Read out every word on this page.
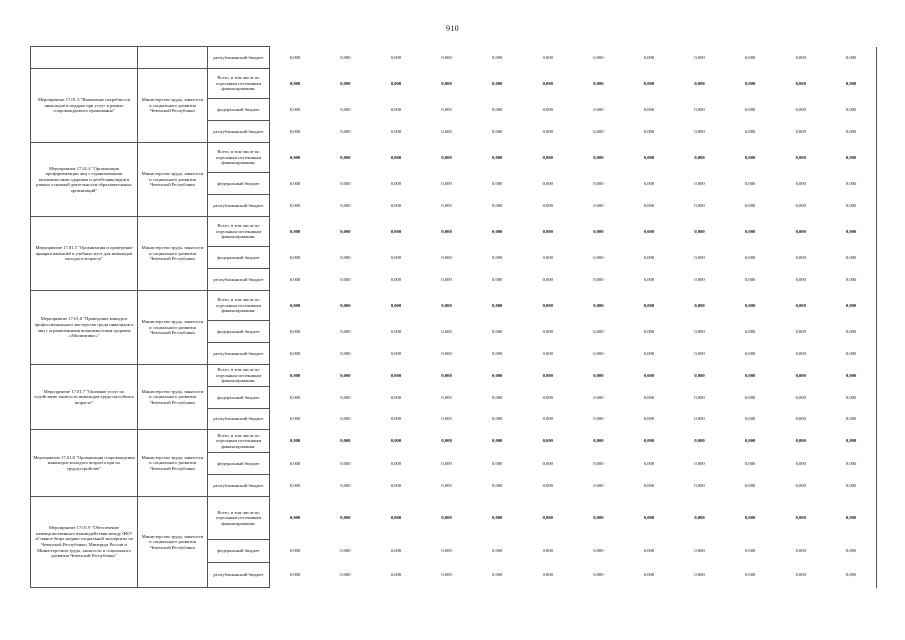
910
		республиканский бюджет	0,000	0,000	0,000	0,000	0,000	0,000	0,000	0,000	0,000	0,000	0,000	0,000
Мероприятие 17.01.3 "Выявление потребности инвалидов в подарке при услуг в рамках сопровождаемого проживания"	Министерство труда, занятости и социального развития Чеченской Республики	Всего, в том числе по отдельным источникам финансирования:	0,000	0,000	0,000	0,000	0,000	0,000	0,000	0,000	0,000	0,000	0,000	0,000
		федеральный бюджет	0,000	0,000	0,000	0,000	0,000	0,000	0,000	0,000	0,000	0,000	0,000	0,000
		республиканский бюджет	0,000	0,000	0,000	0,000	0,000	0,000	0,000	0,000	0,000	0,000	0,000	0,000
Мероприятие 17.01.4 "Организация профориентации лиц с ограниченными возможностями здоровья и детей-инвалидов в рамках основной деятельности образовательных организаций"	Министерство труда, занятости и социального развития Чеченской Республики	Всего, в том числе по отдельным источникам финансирования:	0,000	0,000	0,000	0,000	0,000	0,000	0,000	0,000	0,000	0,000	0,000	0,000
		федеральный бюджет	0,000	0,000	0,000	0,000	0,000	0,000	0,000	0,000	0,000	0,000	0,000	0,000
		республиканский бюджет	0,000	0,000	0,000	0,000	0,000	0,000	0,000	0,000	0,000	0,000	0,000	0,000
Мероприятие 17.01.5 "Организация и проведение ярмарки вакансий и учебных мест для инвалидов молодого возраста"	Министерство труда, занятости и социального развития Чеченской Республики	Всего, в том числе по отдельным источникам финансирования:	0,000	0,000	0,000	0,000	0,000	0,000	0,000	0,000	0,000	0,000	0,000	0,000
		федеральный бюджет	0,000	0,000	0,000	0,000	0,000	0,000	0,000	0,000	0,000	0,000	0,000	0,000
		республиканский бюджет	0,000	0,000	0,000	0,000	0,000	0,000	0,000	0,000	0,000	0,000	0,000	0,000
Мероприятие 17.01.6 "Проведение конкурса профессионального мастерства среди инвалидов и лиц с ограниченными возможностями здоровья «Абилимпикс»"	Министерство труда, занятости и социального развития Чеченской Республики	Всего, в том числе по отдельным источникам финансирования:	0,000	0,000	0,000	0,000	0,000	0,000	0,000	0,000	0,000	0,000	0,000	0,000
		федеральный бюджет	0,000	0,000	0,000	0,000	0,000	0,000	0,000	0,000	0,000	0,000	0,000	0,000
		республиканский бюджет	0,000	0,000	0,000	0,000	0,000	0,000	0,000	0,000	0,000	0,000	0,000	0,000
Мероприятие 17.01.7 "Оказание услуг по содействию занятости инвалидов трудоспособного возраста"	Министерство труда, занятости и социального развития Чеченской Республики	Всего, в том числе по отдельным источникам финансирования:	0,000	0,000	0,000	0,000	0,000	0,000	0,000	0,000	0,000	0,000	0,000	0,000
		федеральный бюджет	0,000	0,000	0,000	0,000	0,000	0,000	0,000	0,000	0,000	0,000	0,000	0,000
		республиканский бюджет	0,000	0,000	0,000	0,000	0,000	0,000	0,000	0,000	0,000	0,000	0,000	0,000
Мероприятие 17.01.8 "Организация сопровождения инвалидов молодого возраста при их трудоустройстве"	Министерство труда, занятости и социального развития Чеченской Республики	Всего, в том числе по отдельным источникам финансирования:	0,000	0,000	0,000	0,000	0,000	0,000	0,000	0,000	0,000	0,000	0,000	0,000
		федеральный бюджет	0,000	0,000	0,000	0,000	0,000	0,000	0,000	0,000	0,000	0,000	0,000	0,000
		республиканский бюджет	0,000	0,000	0,000	0,000	0,000	0,000	0,000	0,000	0,000	0,000	0,000	0,000
Мероприятие 17.01.9 "Обеспечение межведомственного взаимодействия между ФКУ «Главное бюро медико-социальной экспертизы по Чеченской Республике» Минтруда России и Министерством труда, занятости и социального развития Чеченской Республики"	Министерство труда, занятости и социального развития Чеченской Республики	Всего, в том числе по отдельным источникам финансирования:	0,000	0,000	0,000	0,000	0,000	0,000	0,000	0,000	0,000	0,000	0,000	0,000
		федеральный бюджет	0,000	0,000	0,000	0,000	0,000	0,000	0,000	0,000	0,000	0,000	0,000	0,000
		республиканский бюджет	0,000	0,000	0,000	0,000	0,000	0,000	0,000	0,000	0,000	0,000	0,000	0,000
